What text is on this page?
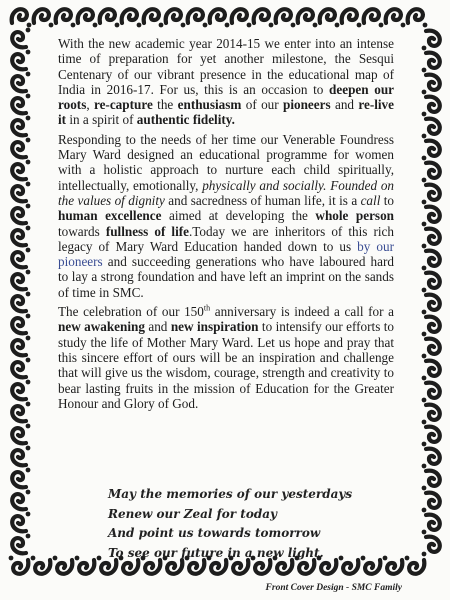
With the new academic year 2014-15 we enter into an intense time of preparation for yet another milestone, the Sesqui Centenary of our vibrant presence in the educational map of India in 2016-17. For us, this is an occasion to deepen our roots, re-capture the enthusiasm of our pioneers and re-live it in a spirit of authentic fidelity.

Responding to the needs of her time our Venerable Foundress Mary Ward designed an educational programme for women with a holistic approach to nurture each child spiritually, intellectually, emotionally, physically and socially. Founded on the values of dignity and sacredness of human life, it is a call to human excellence aimed at developing the whole person towards fullness of life.Today we are inheritors of this rich legacy of Mary Ward Education handed down to us by our pioneers and succeeding generations who have laboured hard to lay a strong foundation and have left an imprint on the sands of time in SMC.

The celebration of our 150th anniversary is indeed a call for a new awakening and new inspiration to intensify our efforts to study the life of Mother Mary Ward. Let us hope and pray that this sincere effort of ours will be an inspiration and challenge that will give us the wisdom, courage, strength and creativity to bear lasting fruits in the mission of Education for the Greater Honour and Glory of God.

May the memories of our yesterdays
Renew our Zeal for today
And point us towards tomorrow
To see our future in a new light.
Front Cover Design - SMC Family
